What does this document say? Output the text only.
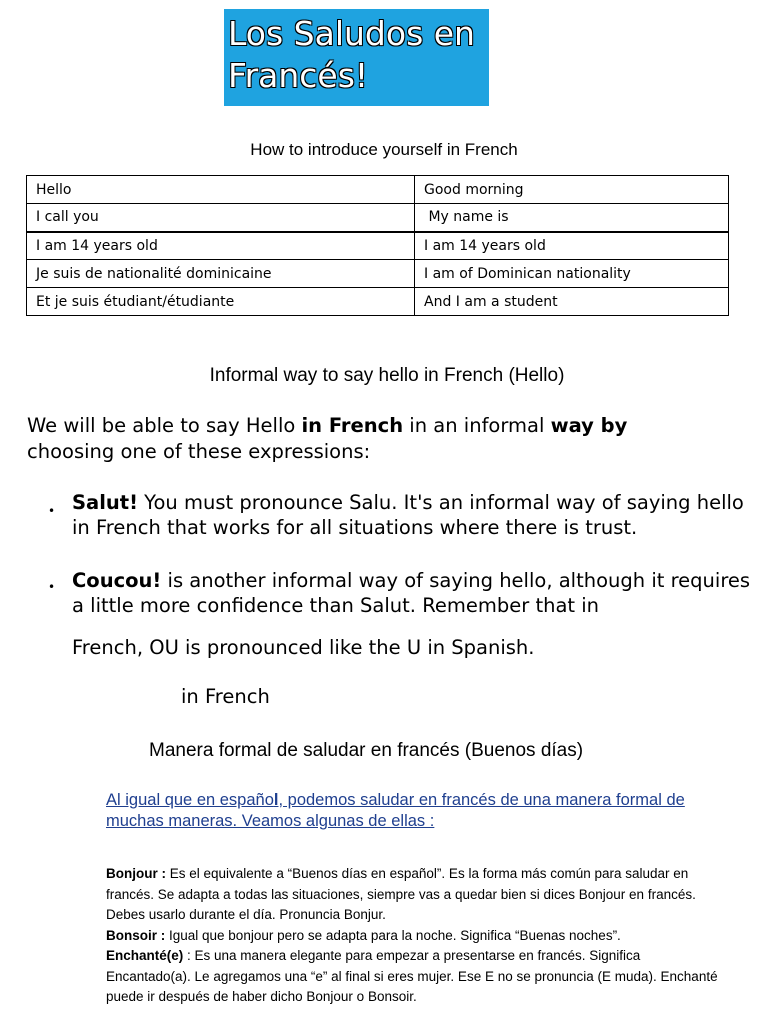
Los Saludos en
Francés!
How to introduce yourself in French
Hello	Good morning
I call you	My name is
I am 14 years old	I am 14 years old
Je suis de nationalité dominicaine	I am of Dominican nationality
Et je suis étudiant/étudiante	And I am a student
Informal way to say hello in French (Hello)
We will be able to say Hello in French in an informal way by
choosing one of these expressions:
• Salut! You must pronounce Salu. It's an informal way of saying hello in French that works for all situations where there is trust.
• Coucou! is another informal way of saying hello, although it requires a little more confidence than Salut. Remember that in
French, OU is pronounced like the U in Spanish.
in French
Manera formal de saludar en francés (Buenos días)
Al igual que en español, podemos saludar en francés de una manera formal de muchas maneras. Veamos algunas de ellas :
Bonjour : Es el equivalente a “Buenos días en español”. Es la forma más común para saludar en francés. Se adapta a todas las situaciones, siempre vas a quedar bien si dices Bonjour en francés. Debes usarlo durante el día. Pronuncia Bonjur.
Bonsoir : Igual que bonjour pero se adapta para la noche. Significa “Buenas noches”.
Enchanté(e) : Es una manera elegante para empezar a presentarse en francés. Significa Encantado(a). Le agregamos una “e” al final si eres mujer. Ese E no se pronuncia (E muda). Enchanté puede ir después de haber dicho Bonjour o Bonsoir.
